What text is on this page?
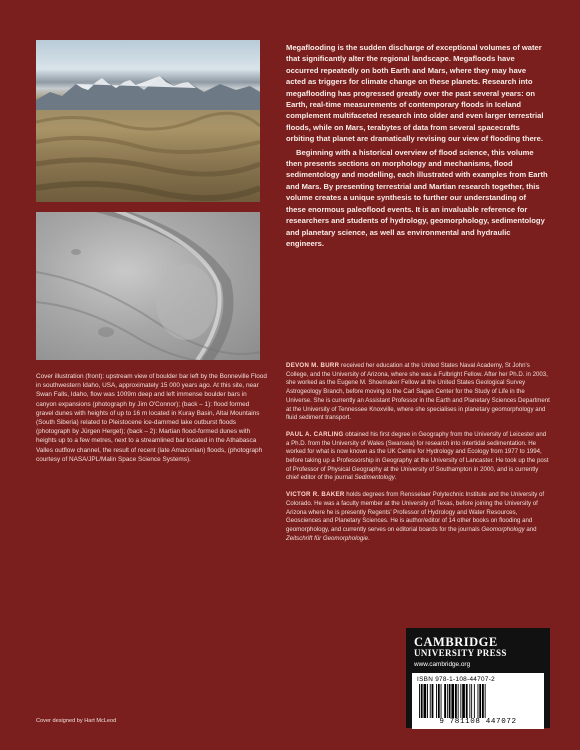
Cover illustration (front): upstream view of boulder bar left by the Bonneville Flood in southwestern Idaho, USA, approximately 15 000 years ago. At this site, near Swan Falls, Idaho, flow was 1009m deep and left immense boulder bars in canyon expansions (photograph by Jim O'Connor); (back – 1): flood formed gravel dunes with heights of up to 16 m located in Kuray Basin, Altai Mountains (South Siberia) related to Pleistocene ice-dammed lake outburst floods (photograph by Jürgen Herget); (back – 2): Martian flood-formed dunes with heights up to a few metres, next to a streamlined bar located in the Athabasca Valles outflow channel, the result of recent (late Amazonian) floods, (photograph courtesy of NASA/JPL/Malin Space Science Systems).
Cover designed by Hart McLeod

Megaflooding is the sudden discharge of exceptional volumes of water that significantly alter the regional landscape. Megafloods have occurred repeatedly on both Earth and Mars, where they may have acted as triggers for climate change on these planets. Research into megaflooding has progressed greatly over the past several years: on Earth, real-time measurements of contemporary floods in Iceland complement multifaceted research into older and even larger terrestrial floods, while on Mars, terabytes of data from several spacecrafts orbiting that planet are dramatically revising our view of flooding there.

Beginning with a historical overview of flood science, this volume then presents sections on morphology and mechanisms, flood sedimentology and modelling, each illustrated with examples from Earth and Mars. By presenting terrestrial and Martian research together, this volume creates a unique synthesis to further our understanding of these enormous paleoflood events. It is an invaluable reference for researchers and students of hydrology, geomorphology, sedimentology and planetary science, as well as environmental and hydraulic engineers.

DEVON M. BURR received her education at the United States Naval Academy, St John's College, and the University of Arizona, where she was a Fulbright Fellow. After her Ph.D. in 2003, she worked as the Eugene M. Shoemaker Fellow at the United States Geological Survey Astrogeology Branch, before moving to the Carl Sagan Center for the Study of Life in the Universe. She is currently an Assistant Professor in the Earth and Planetary Sciences Department at the University of Tennessee Knoxville, where she specialises in planetary geomorphology and fluid sediment transport.

PAUL A. CARLING obtained his first degree in Geography from the University of Leicester and a Ph.D. from the University of Wales (Swansea) for research into intertidal sedimentation. He worked for what is now known as the UK Centre for Hydrology and Ecology from 1977 to 1994, before taking up a Professorship in Geography at the University of Lancaster. He took up the post of Professor of Physical Geography at the University of Southampton in 2000, and is currently chief editor of the journal Sedimentology.

VICTOR R. BAKER holds degrees from Rensselaer Polytechnic Institute and the University of Colorado. He was a faculty member at the University of Texas, before joining the University of Arizona where he is presently Regents' Professor of Hydrology and Water Resources, Geosciences and Planetary Sciences. He is author/editor of 14 other books on flooding and geomorphology, and currently serves on editorial boards for the journals Geomorphology and Zeitschrift für Geomorphologie.

CAMBRIDGE
UNIVERSITY PRESS
www.cambridge.org
ISBN 978-1-108-44707-2
9 781108 447072
